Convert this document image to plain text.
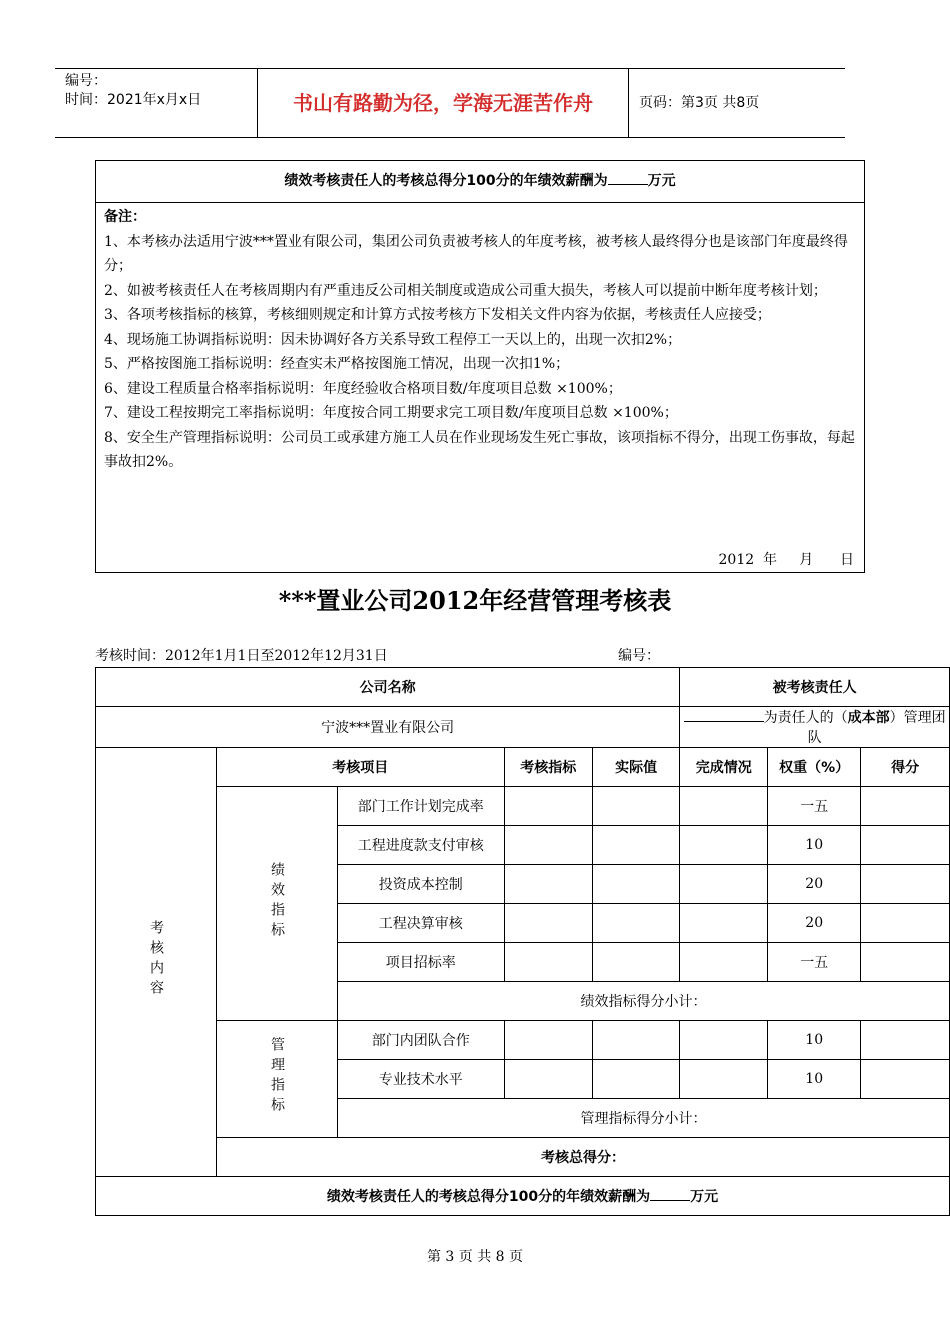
编号：
时间：2021年x月x日	书山有路勤为径，学海无涯苦作舟	页码：第3页 共8页
绩效考核责任人的考核总得分100分的年绩效薪酬为	万元
备注：
1、本考核办法适用宁波***置业有限公司，集团公司负责被考核人的年度考核，被考核人最终得分也是该部门年度最终得分；
2、如被考核责任人在考核周期内有严重违反公司相关制度或造成公司重大损失，考核人可以提前中断年度考核计划；
3、各项考核指标的核算，考核细则规定和计算方式按考核方下发相关文件内容为依据，考核责任人应接受；
4、现场施工协调指标说明：因未协调好各方关系导致工程停工一天以上的，出现一次扣2%；
5、严格按图施工指标说明：经查实未严格按图施工情况，出现一次扣1%；
6、建设工程质量合格率指标说明：年度经验收合格项目数/年度项目总数 ×100%；
7、建设工程按期完工率指标说明：年度按合同工期要求完工项目数/年度项目总数 ×100%；
8、安全生产管理指标说明：公司员工或承建方施工人员在作业现场发生死亡事故，该项指标不得分，出现工伤事故，每起事故扣2%。
2012  年     月      日
***置业公司2012年经营管理考核表
考核时间：2012年1月1日至2012年12月31日	编号：
公司名称					被考核责任人		
宁波***置业有限公司					为责任人的（成本部）管理团队		
考核内容	考核项目		考核指标	实际值	完成情况	权重（%）	得分
	绩效指标	部门工作计划完成率				一五	
		工程进度款支付审核				10	
		投资成本控制				20	
		工程决算审核				20	
		项目招标率				一五	
		绩效指标得分小计：					
	管理指标	部门内团队合作				10	
		专业技术水平				10	
		管理指标得分小计：					
	考核总得分：						
绩效考核责任人的考核总得分100分的年绩效薪酬为 万元							
第 3 页 共 8 页
